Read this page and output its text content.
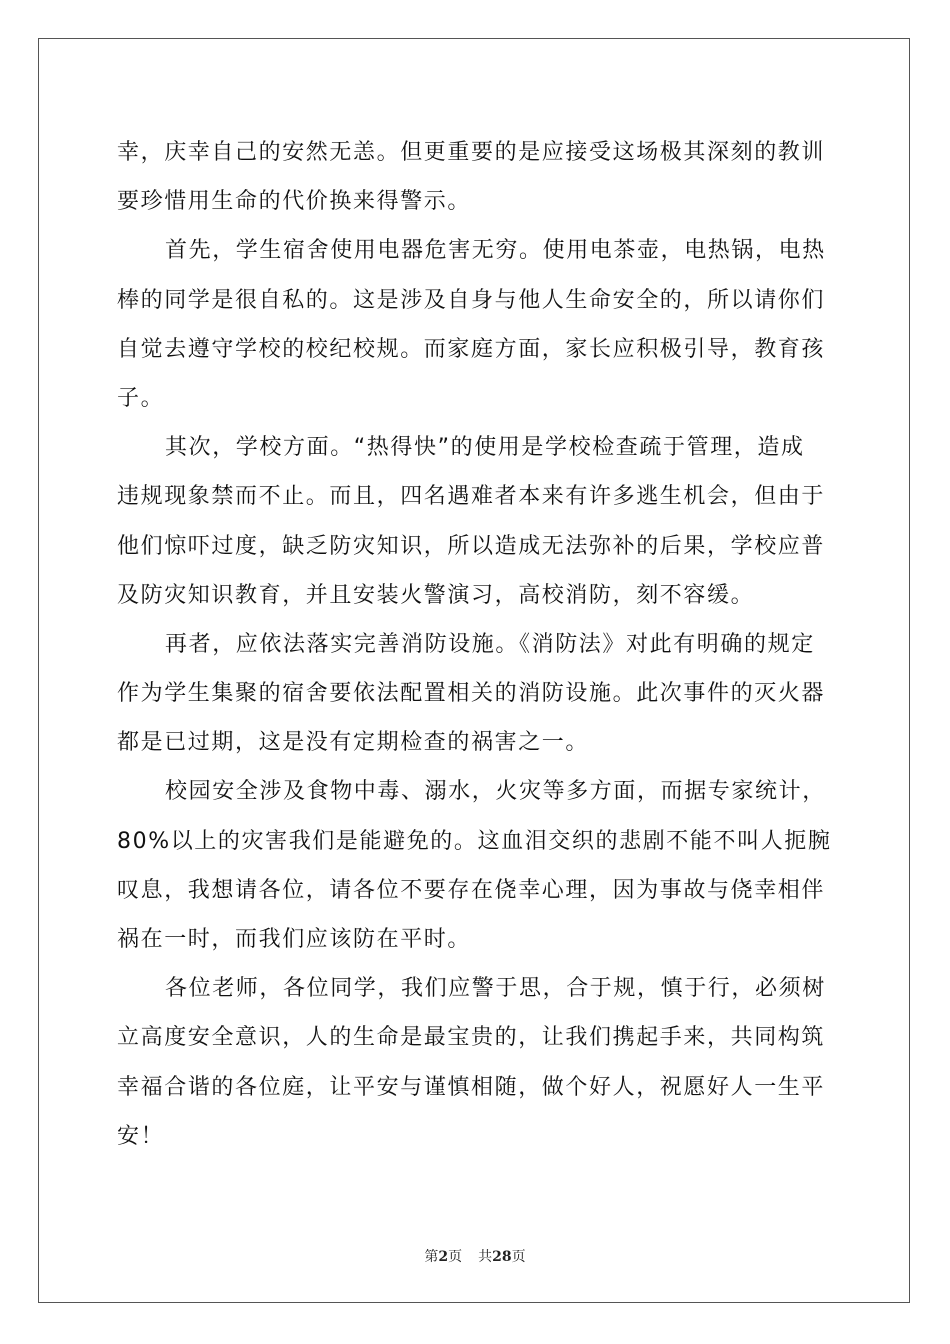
幸，庆幸自己的安然无恙。但更重要的是应接受这场极其深刻的教训
要珍惜用生命的代价换来得警示。
首先，学生宿舍使用电器危害无穷。使用电茶壶，电热锅，电热
棒的同学是很自私的。这是涉及自身与他人生命安全的，所以请你们
自觉去遵守学校的校纪校规。而家庭方面，家长应积极引导，教育孩
子。
其次，学校方面。“热得快”的使用是学校检查疏于管理，造成
违规现象禁而不止。而且，四名遇难者本来有许多逃生机会，但由于
他们惊吓过度，缺乏防灾知识，所以造成无法弥补的后果，学校应普
及防灾知识教育，并且安装火警演习，高校消防，刻不容缓。
再者，应依法落实完善消防设施。《消防法》对此有明确的规定
作为学生集聚的宿舍要依法配置相关的消防设施。此次事件的灭火器
都是已过期，这是没有定期检查的祸害之一。
校园安全涉及食物中毒、溺水，火灾等多方面，而据专家统计，
80%以上的灾害我们是能避免的。这血泪交织的悲剧不能不叫人扼腕
叹息，我想请各位，请各位不要存在侥幸心理，因为事故与侥幸相伴
祸在一时，而我们应该防在平时。
各位老师，各位同学，我们应警于思，合于规，慎于行，必须树
立高度安全意识，人的生命是最宝贵的，让我们携起手来，共同构筑
幸福合谐的各位庭，让平安与谨慎相随，做个好人，祝愿好人一生平
安！
第2页 共28页
